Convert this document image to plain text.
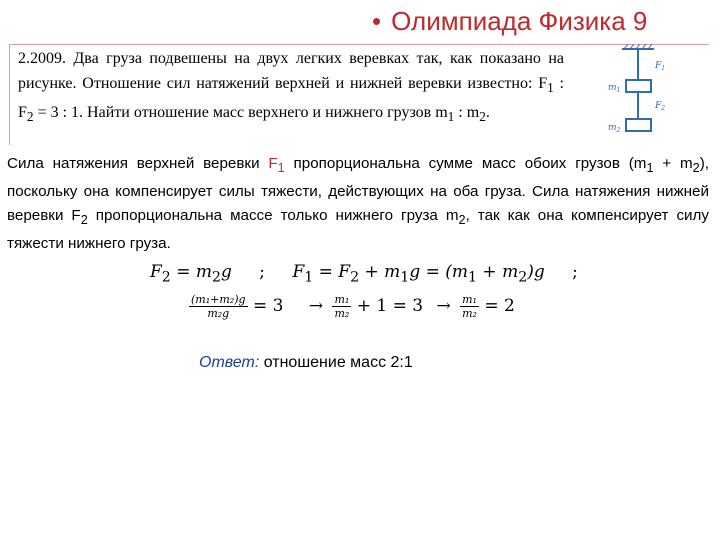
• Олимпиада Физика 9
2.2009. Два груза подвешены на двух легких веревках так, как показано на рисунке. Отношение сил натяжений верхней и нижней веревки известно: $F_1$ : $F_2 = 3$ : 1. Найти отношение масс верхнего и нижнего грузов $m_1$ : $m_2$.
$F_1$
$m_1$
$F_2$
$m_2$
Сила натяжения верхней веревки $F_1$ пропорциональна сумме масс обоих грузов $(m_1 + m_2)$, поскольку она компенсирует силы тяжести, действующих на оба груза. Сила натяжения нижней веревки $F_2$ пропорциональна массе только нижнего груза $m_2$, так как она компенсирует силу тяжести нижнего груза.
$F_2 = m_2g$ ; $F_1 = F_2 + m_1g = (m_1 + m_2)g$ ;
$\frac{\text{(m₁+m₂)g}}{\text{m₂g}} = 3 \to \frac{\text{m₁}}{\text{m₂}} + 1 = 3 \to \frac{\text{m₁}}{\text{m₂}} = 2$
Ответ: отношение масс 2:1
